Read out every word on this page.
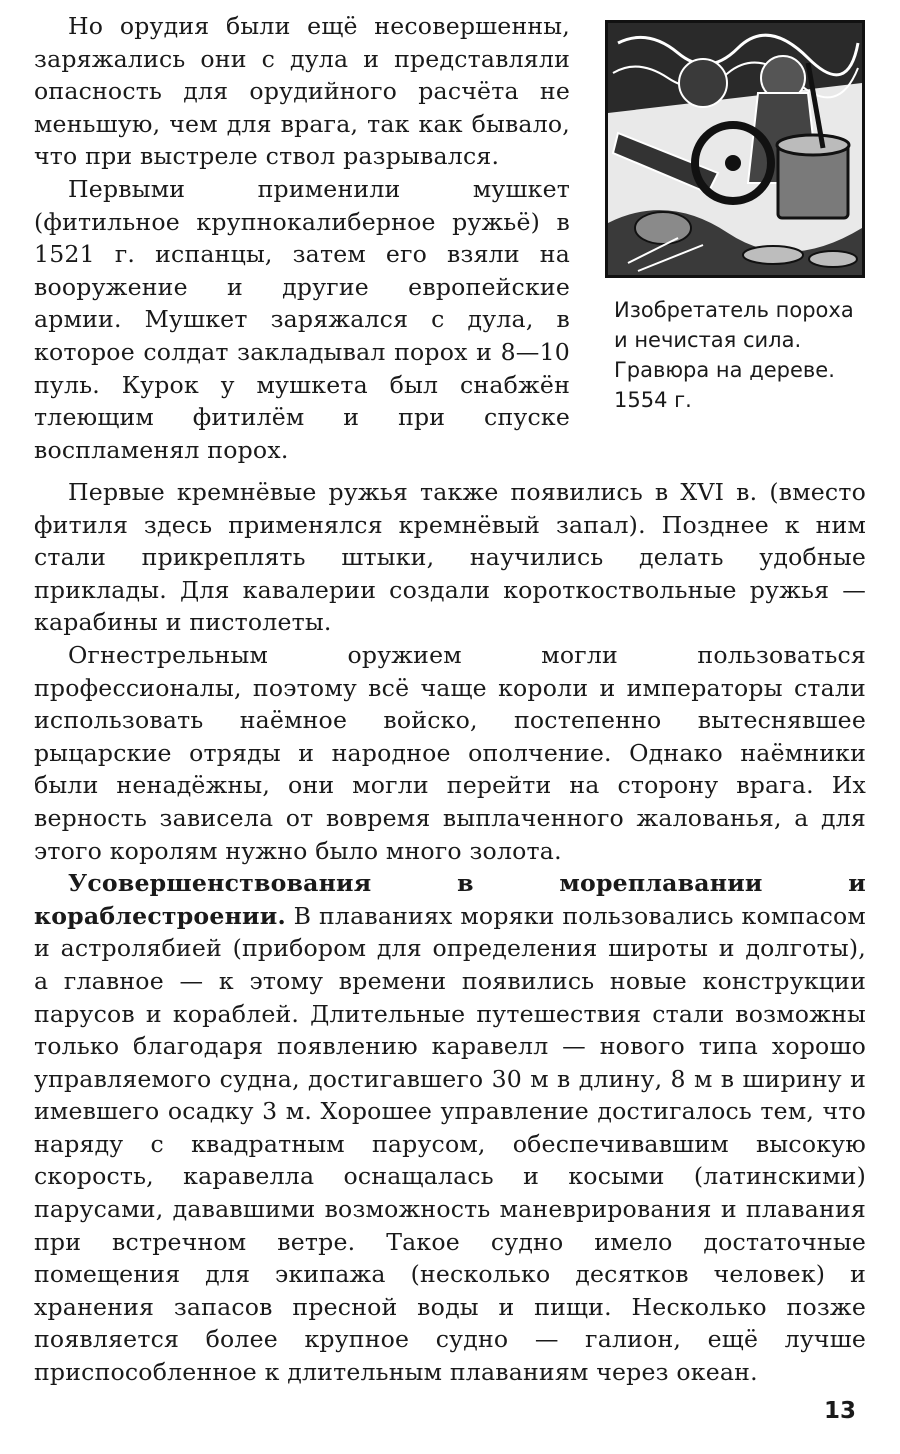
Но орудия были ещё несовершенны, заряжались они с дула и представляли опасность для орудийного расчёта не меньшую, чем для врага, так как бывало, что при выстреле ствол разрывался.

Первыми применили мушкет (фитильное крупнокалиберное ружьё) в 1521 г. испанцы, затем его взяли на вооружение и другие европейские армии. Мушкет заряжался с дула, в которое солдат закладывал порох и 8—10 пуль. Курок у мушкета был снабжён тлеющим фитилём и при спуске воспламенял порох.

Изобретатель пороха и нечистая сила. Гравюра на дереве. 1554 г.

Первые кремнёвые ружья также появились в XVI в. (вместо фитиля здесь применялся кремнёвый запал). Позднее к ним стали прикреплять штыки, научились делать удобные приклады. Для кавалерии создали короткоствольные ружья — карабины и пистолеты.

Огнестрельным оружием могли пользоваться профессионалы, поэтому всё чаще короли и императоры стали использовать наёмное войско, постепенно вытеснявшее рыцарские отряды и народное ополчение. Однако наёмники были ненадёжны, они могли перейти на сторону врага. Их верность зависела от вовремя выплаченного жалованья, а для этого королям нужно было много золота.

Усовершенствования в мореплавании и кораблестроении. В плаваниях моряки пользовались компасом и астролябией (прибором для определения широты и долготы), а главное — к этому времени появились новые конструкции парусов и кораблей. Длительные путешествия стали возможны только благодаря появлению каравелл — нового типа хорошо управляемого судна, достигавшего 30 м в длину, 8 м в ширину и имевшего осадку 3 м. Хорошее управление достигалось тем, что наряду с квадратным парусом, обеспечивавшим высокую скорость, каравелла оснащалась и косыми (латинскими) парусами, дававшими возможность маневрирования и плавания при встречном ветре. Такое судно имело достаточные помещения для экипажа (несколько десятков человек) и хранения запасов пресной воды и пищи. Несколько позже появляется более крупное судно — галион, ещё лучше приспособленное к длительным плаваниям через океан.

13
